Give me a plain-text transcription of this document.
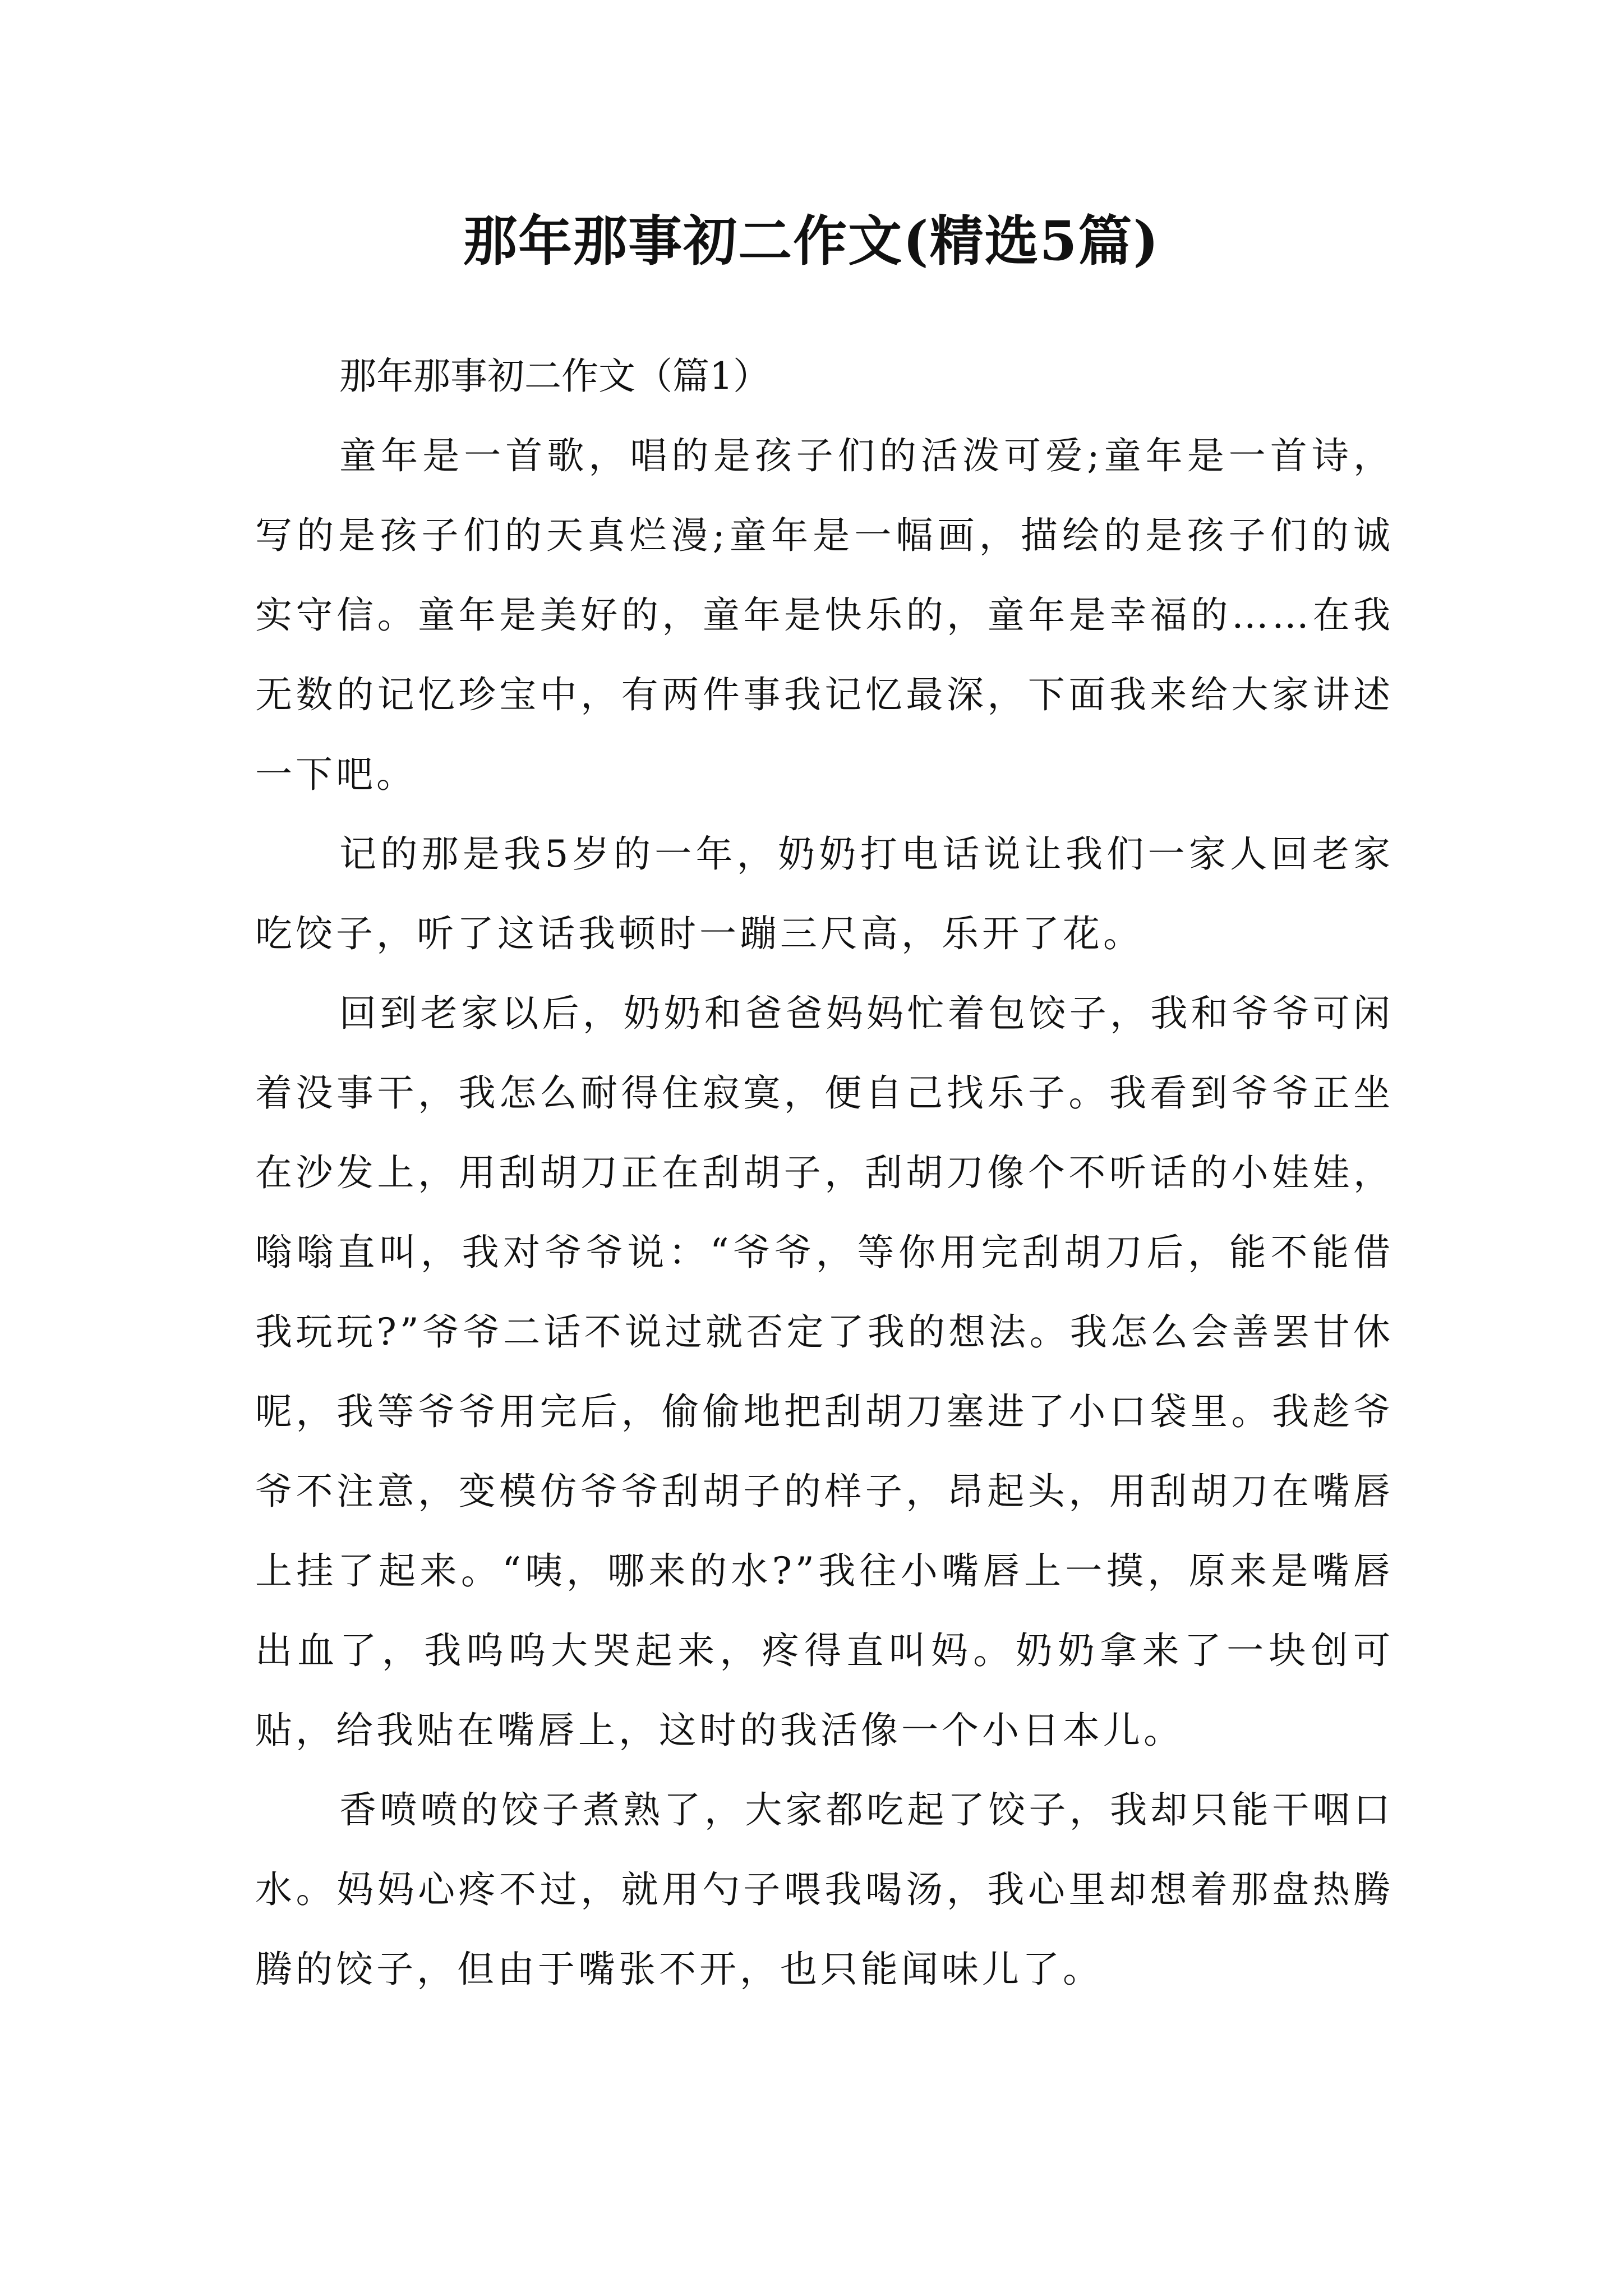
那年那事初二作文(精选5篇)

那年那事初二作文（篇1）

童年是一首歌，唱的是孩子们的活泼可爱;童年是一首诗，写的是孩子们的天真烂漫;童年是一幅画，描绘的是孩子们的诚实守信。童年是美好的，童年是快乐的，童年是幸福的……在我无数的记忆珍宝中，有两件事我记忆最深，下面我来给大家讲述一下吧。

记的那是我5岁的一年，奶奶打电话说让我们一家人回老家吃饺子，听了这话我顿时一蹦三尺高，乐开了花。

回到老家以后，奶奶和爸爸妈妈忙着包饺子，我和爷爷可闲着没事干，我怎么耐得住寂寞，便自己找乐子。我看到爷爷正坐在沙发上，用刮胡刀正在刮胡子，刮胡刀像个不听话的小娃娃，嗡嗡直叫，我对爷爷说：“爷爷，等你用完刮胡刀后，能不能借我玩玩?”爷爷二话不说过就否定了我的想法。我怎么会善罢甘休呢，我等爷爷用完后，偷偷地把刮胡刀塞进了小口袋里。我趁爷爷不注意，变模仿爷爷刮胡子的样子，昂起头，用刮胡刀在嘴唇上挂了起来。“咦，哪来的水?”我往小嘴唇上一摸，原来是嘴唇出血了，我呜呜大哭起来，疼得直叫妈。奶奶拿来了一块创可贴，给我贴在嘴唇上，这时的我活像一个小日本儿。

香喷喷的饺子煮熟了，大家都吃起了饺子，我却只能干咽口水。妈妈心疼不过，就用勺子喂我喝汤，我心里却想着那盘热腾腾的饺子，但由于嘴张不开，也只能闻味儿了。
